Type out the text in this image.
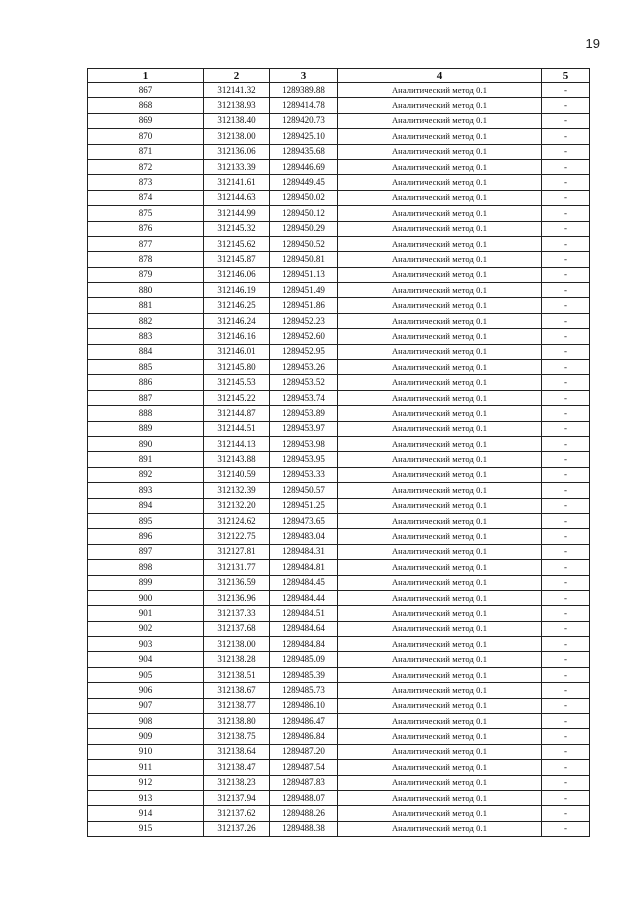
19
1	2	3	4	5
867	312141.32	1289389.88	Аналитический метод 0.1	-
868	312138.93	1289414.78	Аналитический метод 0.1	-
869	312138.40	1289420.73	Аналитический метод 0.1	-
870	312138.00	1289425.10	Аналитический метод 0.1	-
871	312136.06	1289435.68	Аналитический метод 0.1	-
872	312133.39	1289446.69	Аналитический метод 0.1	-
873	312141.61	1289449.45	Аналитический метод 0.1	-
874	312144.63	1289450.02	Аналитический метод 0.1	-
875	312144.99	1289450.12	Аналитический метод 0.1	-
876	312145.32	1289450.29	Аналитический метод 0.1	-
877	312145.62	1289450.52	Аналитический метод 0.1	-
878	312145.87	1289450.81	Аналитический метод 0.1	-
879	312146.06	1289451.13	Аналитический метод 0.1	-
880	312146.19	1289451.49	Аналитический метод 0.1	-
881	312146.25	1289451.86	Аналитический метод 0.1	-
882	312146.24	1289452.23	Аналитический метод 0.1	-
883	312146.16	1289452.60	Аналитический метод 0.1	-
884	312146.01	1289452.95	Аналитический метод 0.1	-
885	312145.80	1289453.26	Аналитический метод 0.1	-
886	312145.53	1289453.52	Аналитический метод 0.1	-
887	312145.22	1289453.74	Аналитический метод 0.1	-
888	312144.87	1289453.89	Аналитический метод 0.1	-
889	312144.51	1289453.97	Аналитический метод 0.1	-
890	312144.13	1289453.98	Аналитический метод 0.1	-
891	312143.88	1289453.95	Аналитический метод 0.1	-
892	312140.59	1289453.33	Аналитический метод 0.1	-
893	312132.39	1289450.57	Аналитический метод 0.1	-
894	312132.20	1289451.25	Аналитический метод 0.1	-
895	312124.62	1289473.65	Аналитический метод 0.1	-
896	312122.75	1289483.04	Аналитический метод 0.1	-
897	312127.81	1289484.31	Аналитический метод 0.1	-
898	312131.77	1289484.81	Аналитический метод 0.1	-
899	312136.59	1289484.45	Аналитический метод 0.1	-
900	312136.96	1289484.44	Аналитический метод 0.1	-
901	312137.33	1289484.51	Аналитический метод 0.1	-
902	312137.68	1289484.64	Аналитический метод 0.1	-
903	312138.00	1289484.84	Аналитический метод 0.1	-
904	312138.28	1289485.09	Аналитический метод 0.1	-
905	312138.51	1289485.39	Аналитический метод 0.1	-
906	312138.67	1289485.73	Аналитический метод 0.1	-
907	312138.77	1289486.10	Аналитический метод 0.1	-
908	312138.80	1289486.47	Аналитический метод 0.1	-
909	312138.75	1289486.84	Аналитический метод 0.1	-
910	312138.64	1289487.20	Аналитический метод 0.1	-
911	312138.47	1289487.54	Аналитический метод 0.1	-
912	312138.23	1289487.83	Аналитический метод 0.1	-
913	312137.94	1289488.07	Аналитический метод 0.1	-
914	312137.62	1289488.26	Аналитический метод 0.1	-
915	312137.26	1289488.38	Аналитический метод 0.1	-
